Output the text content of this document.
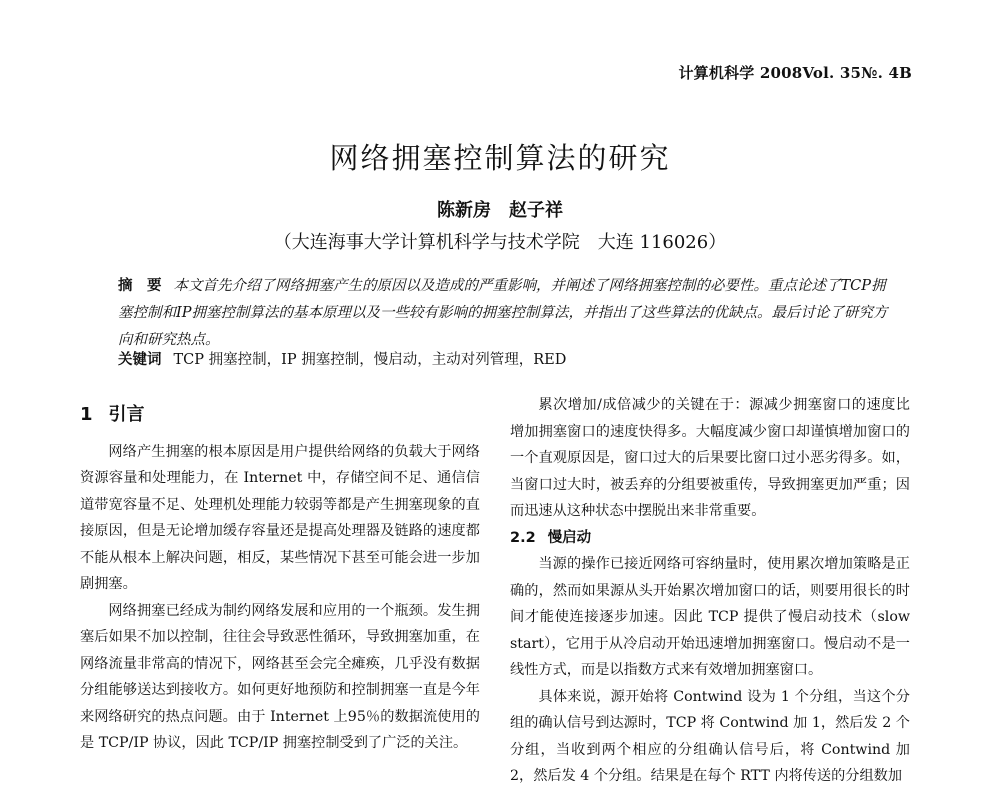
计算机科学 2008Vol. 35№. 4B
网络拥塞控制算法的研究
陈新房　赵子祥
（大连海事大学计算机科学与技术学院　大连 116026）
摘　要 本文首先介绍了网络拥塞产生的原因以及造成的严重影响，并阐述了网络拥塞控制的必要性。重点论述了TCP拥塞控制和IP拥塞控制算法的基本原理以及一些较有影响的拥塞控制算法，并指出了这些算法的优缺点。最后讨论了研究方向和研究热点。
关键词 TCP 拥塞控制，IP 拥塞控制，慢启动，主动对列管理，RED
1 引言

网络产生拥塞的根本原因是用户提供给网络的负载大于网络资源容量和处理能力，在 Internet 中，存储空间不足、通信信道带宽容量不足、处理机处理能力较弱等都是产生拥塞现象的直接原因，但是无论增加缓存容量还是提高处理器及链路的速度都不能从根本上解决问题，相反，某些情况下甚至可能会进一步加剧拥塞。

网络拥塞已经成为制约网络发展和应用的一个瓶颈。发生拥塞后如果不加以控制，往往会导致恶性循环，导致拥塞加重，在网络流量非常高的情况下，网络甚至会完全瘫痪，几乎没有数据分组能够送达到接收方。如何更好地预防和控制拥塞一直是今年来网络研究的热点问题。由于 Internet 上95％的数据流使用的是 TCP/IP 协议，因此 TCP/IP 拥塞控制受到了广泛的关注。

累次增加/成倍减少的关键在于：源减少拥塞窗口的速度比增加拥塞窗口的速度快得多。大幅度减少窗口却谨慎增加窗口的一个直观原因是，窗口过大的后果要比窗口过小恶劣得多。如，当窗口过大时，被丢弃的分组要被重传，导致拥塞更加严重；因而迅速从这种状态中摆脱出来非常重要。

2.2 慢启动

当源的操作已接近网络可容纳量时，使用累次增加策略是正确的，然而如果源从头开始累次增加窗口的话，则要用很长的时间才能使连接逐步加速。因此 TCP 提供了慢启动技术（slow start），它用于从冷启动开始迅速增加拥塞窗口。慢启动不是一线性方式，而是以指数方式来有效增加拥塞窗口。

具体来说，源开始将 Contwind 设为 1 个分组，当这个分组的确认信号到达源时，TCP 将 Contwind 加 1，然后发 2 个分组，当收到两个相应的分组确认信号后，将 Contwind 加 2，然后发 4 个分组。结果是在每个 RTT 内将传送的分组数加
